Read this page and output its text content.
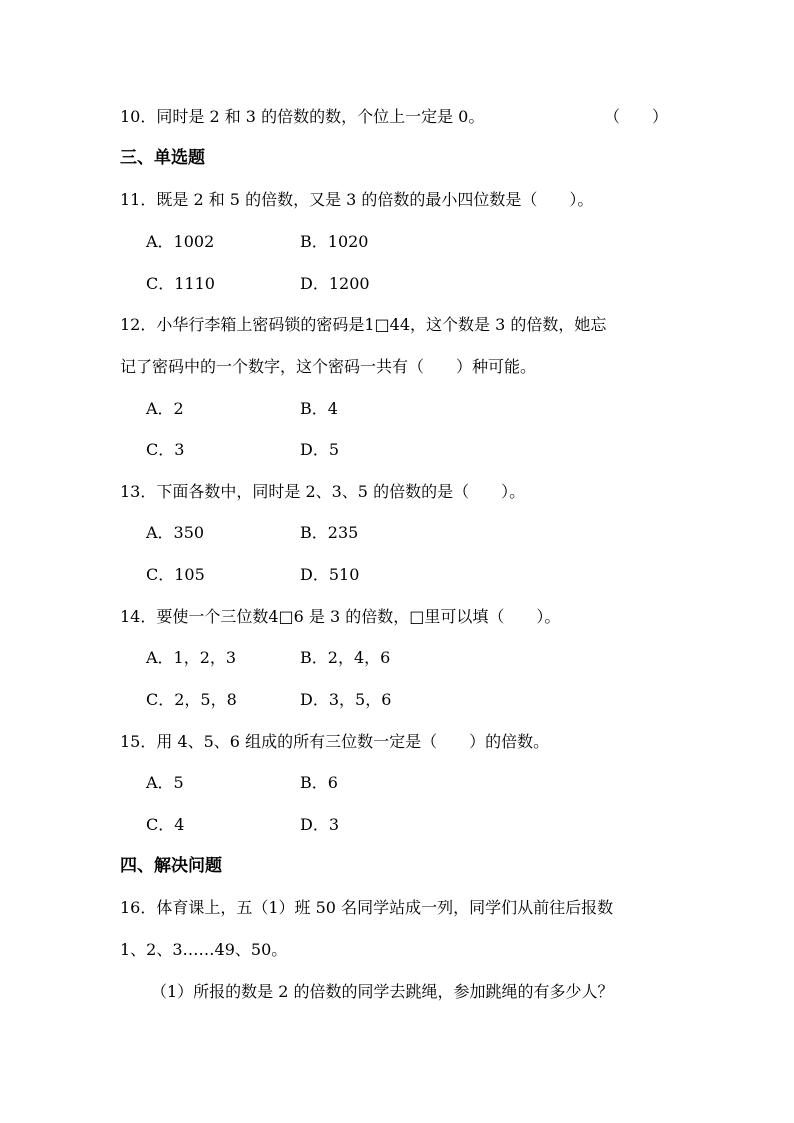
10．同时是 2 和 3 的倍数的数，个位上一定是 0。	（　　）
三、单选题
11．既是 2 和 5 的倍数，又是 3 的倍数的最小四位数是（　　）。
A．1002	B．1020
C．1110	D．1200
12．小华行李箱上密码锁的密码是1□44，这个数是 3 的倍数，她忘
记了密码中的一个数字，这个密码一共有（　　）种可能。
A．2	B．4
C．3	D．5
13．下面各数中，同时是 2、3、5 的倍数的是（　　）。
A．350	B．235
C．105	D．510
14．要使一个三位数4□6 是 3 的倍数，□里可以填（　　）。
A．1，2，3	B．2，4，6
C．2，5，8	D．3，5，6
15．用 4、5、6 组成的所有三位数一定是（　　）的倍数。
A．5	B．6
C．4	D．3
四、解决问题
16．体育课上，五（1）班 50 名同学站成一列，同学们从前往后报数
1、2、3……49、50。
（1）所报的数是 2 的倍数的同学去跳绳，参加跳绳的有多少人？
